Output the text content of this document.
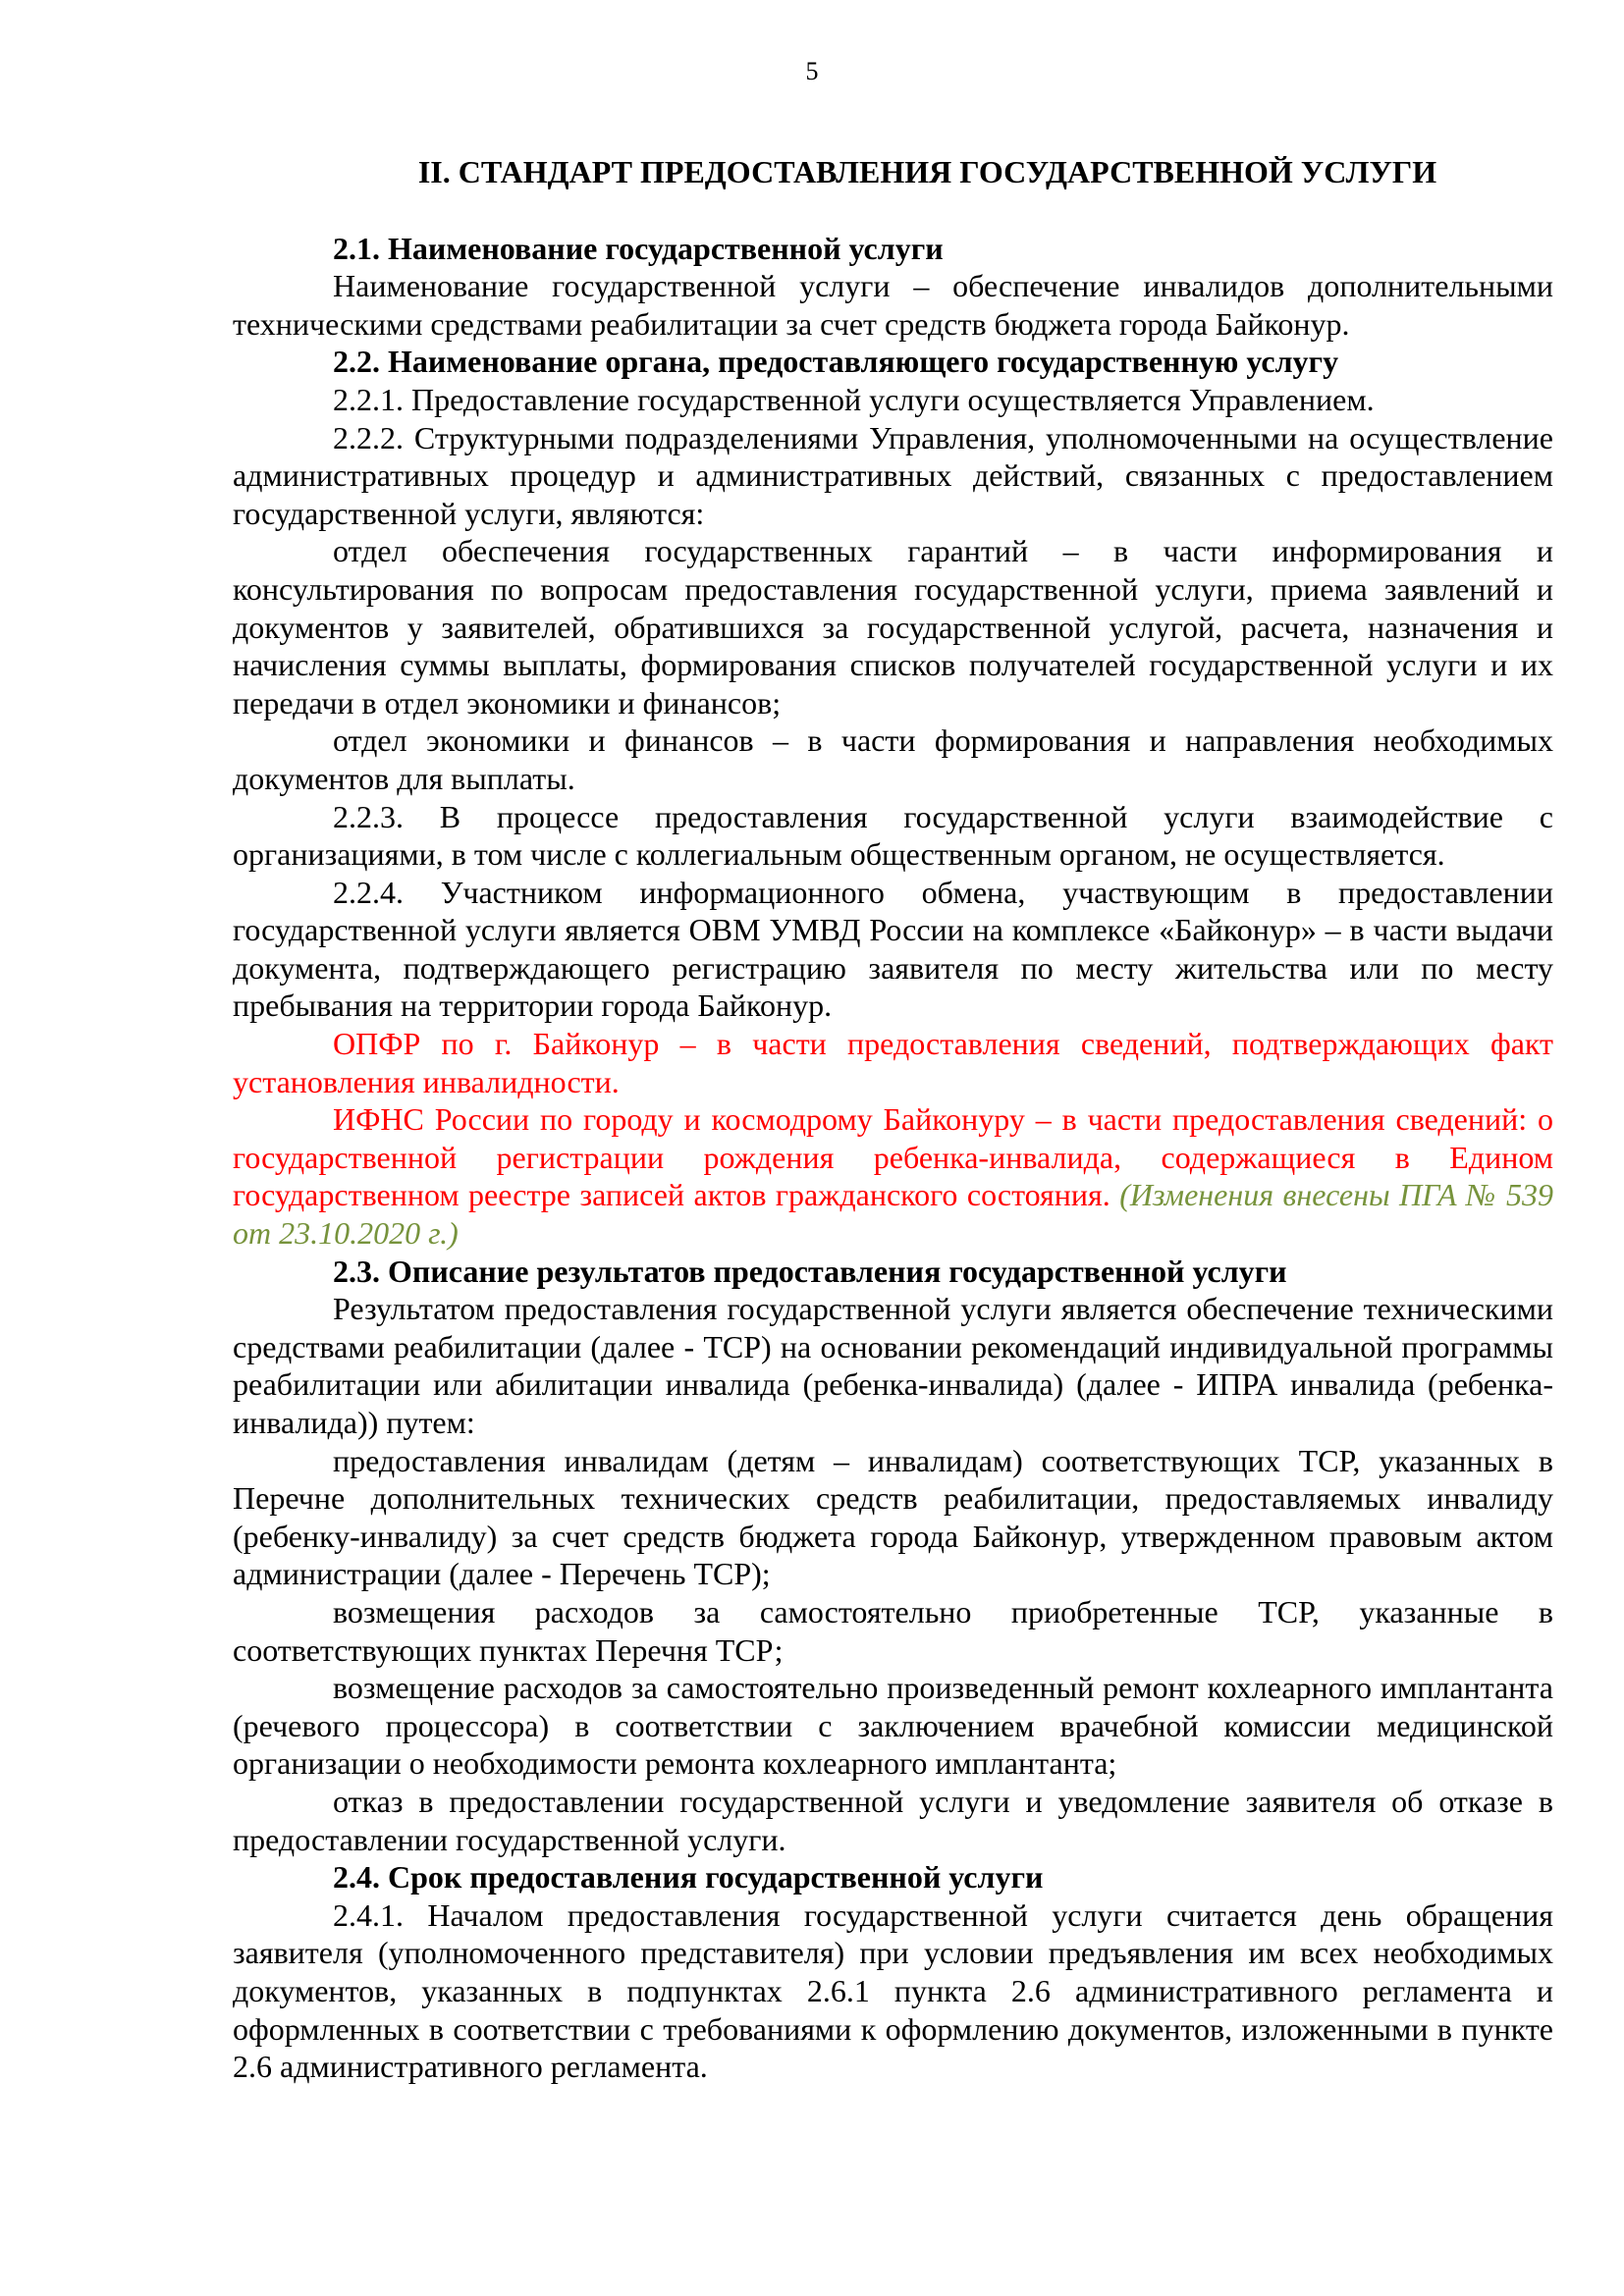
5
II. СТАНДАРТ ПРЕДОСТАВЛЕНИЯ ГОСУДАРСТВЕННОЙ УСЛУГИ
2.1. Наименование государственной услуги

Наименование государственной услуги – обеспечение инвалидов дополнительными техническими средствами реабилитации за счет средств бюджета города Байконур.

2.2. Наименование органа, предоставляющего государственную услугу

2.2.1. Предоставление государственной услуги осуществляется Управлением.

2.2.2. Структурными подразделениями Управления, уполномоченными на осуществление административных процедур и административных действий, связанных с предоставлением государственной услуги, являются:

отдел обеспечения государственных гарантий – в части информирования и консультирования по вопросам предоставления государственной услуги, приема заявлений и документов у заявителей, обратившихся за государственной услугой, расчета, назначения и начисления суммы выплаты, формирования списков получателей государственной услуги и их передачи в отдел экономики и финансов;

отдел экономики и финансов – в части формирования и направления необходимых документов для выплаты.

2.2.3. В процессе предоставления государственной услуги взаимодействие с организациями, в том числе с коллегиальным общественным органом, не осуществляется.

2.2.4. Участником информационного обмена, участвующим в предоставлении государственной услуги является ОВМ УМВД России на комплексе «Байконур» – в части выдачи документа, подтверждающего регистрацию заявителя по месту жительства или по месту пребывания на территории города Байконур.

ОПФР по г. Байконур – в части предоставления сведений, подтверждающих факт установления инвалидности.

ИФНС России по городу и космодрому Байконуру – в части предоставления сведений: о государственной регистрации рождения ребенка-инвалида, содержащиеся в Едином государственном реестре записей актов гражданского состояния. (Изменения внесены ПГА № 539 от 23.10.2020 г.)

2.3. Описание результатов предоставления государственной услуги

Результатом предоставления государственной услуги является обеспечение техническими средствами реабилитации (далее - ТСР) на основании рекомендаций индивидуальной программы реабилитации или абилитации инвалида (ребенка-инвалида) (далее - ИПРА инвалида (ребенка-инвалида)) путем:

предоставления инвалидам (детям – инвалидам) соответствующих ТСР, указанных в Перечне дополнительных технических средств реабилитации, предоставляемых инвалиду (ребенку-инвалиду) за счет средств бюджета города Байконур, утвержденном правовым актом администрации (далее - Перечень ТСР);

возмещения расходов за самостоятельно приобретенные ТСР, указанные в соответствующих пунктах Перечня ТСР;

возмещение расходов за самостоятельно произведенный ремонт кохлеарного имплантанта (речевого процессора) в соответствии с заключением врачебной комиссии медицинской организации о необходимости ремонта кохлеарного имплантанта;

отказ в предоставлении государственной услуги и уведомление заявителя об отказе в предоставлении государственной услуги.

2.4. Срок предоставления государственной услуги

2.4.1. Началом предоставления государственной услуги считается день обращения заявителя (уполномоченного представителя) при условии предъявления им всех необходимых документов, указанных в подпунктах 2.6.1 пункта 2.6 административного регламента и оформленных в соответствии с требованиями к оформлению документов, изложенными в пункте 2.6 административного регламента.
